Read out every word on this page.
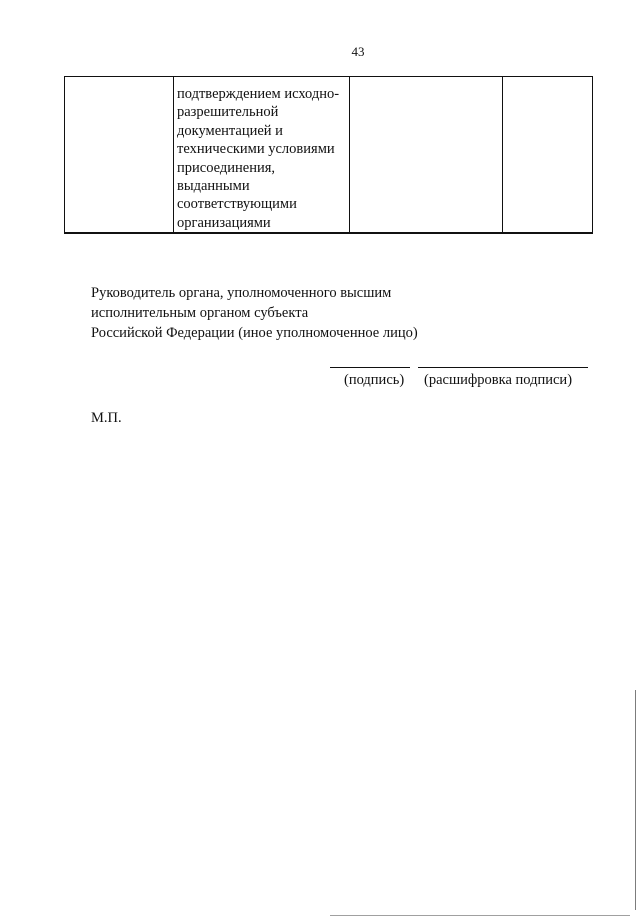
43

подтверждением исходно-
разрешительной
документацией и
техническими условиями
присоединения,
выданными
соответствующими
организациями

Руководитель органа, уполномоченного высшим
исполнительным органом субъекта
Российской Федерации (иное уполномоченное лицо)
(подпись) (расшифровка подписи)
М.П.
